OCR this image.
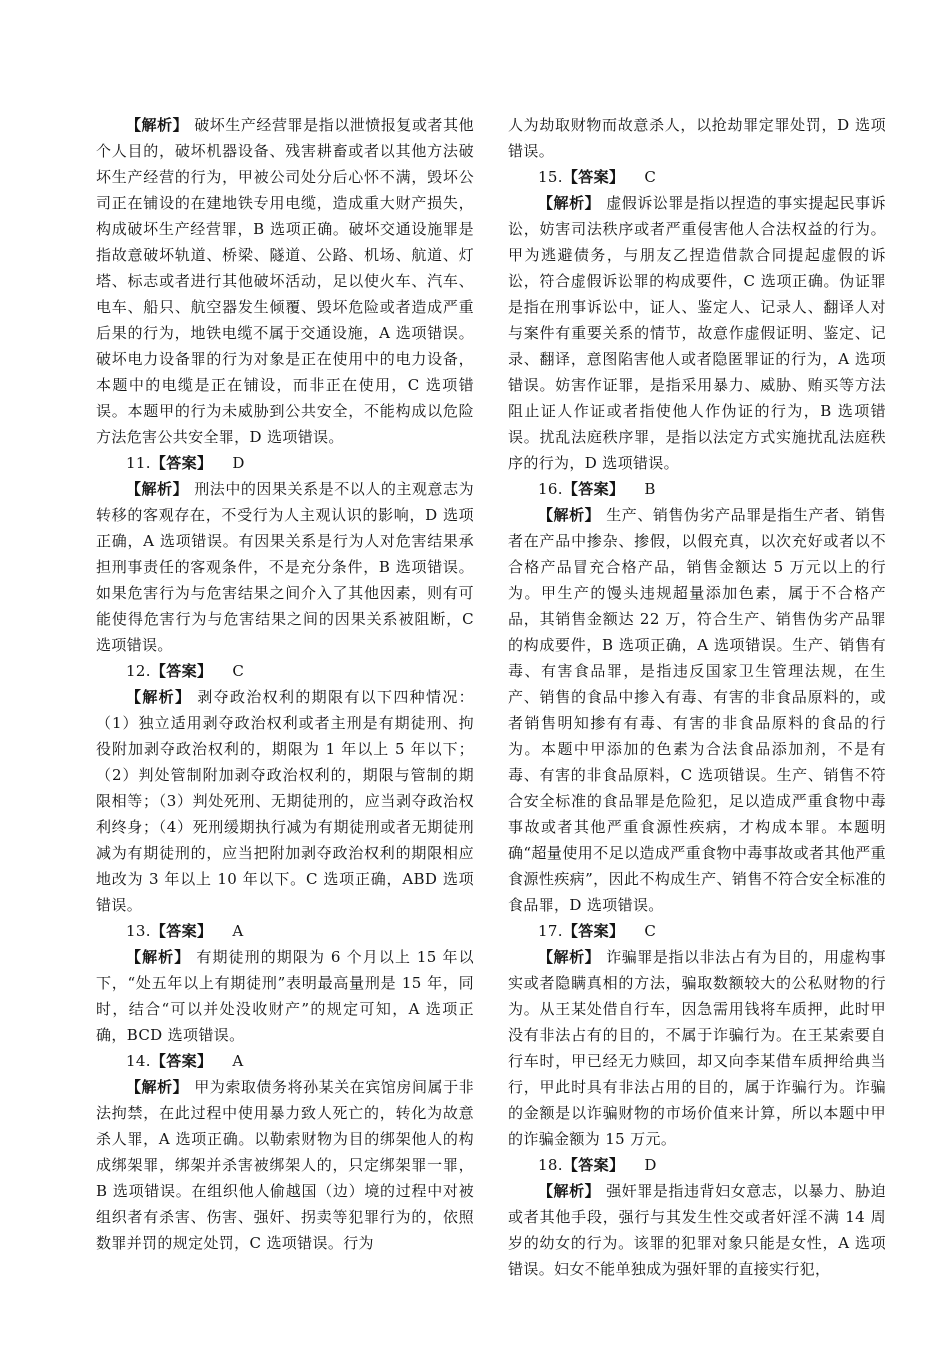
【解析】 破坏生产经营罪是指以泄愤报复或者其他个人目的，破坏机器设备、残害耕畜或者以其他方法破坏生产经营的行为，甲被公司处分后心怀不满，毁坏公司正在铺设的在建地铁专用电缆，造成重大财产损失，构成破坏生产经营罪，B 选项正确。破坏交通设施罪是指故意破坏轨道、桥梁、隧道、公路、机场、航道、灯塔、标志或者进行其他破坏活动，足以使火车、汽车、电车、船只、航空器发生倾覆、毁坏危险或者造成严重后果的行为，地铁电缆不属于交通设施，A 选项错误。破坏电力设备罪的行为对象是正在使用中的电力设备，本题中的电缆是正在铺设，而非正在使用，C 选项错误。本题甲的行为未威胁到公共安全，不能构成以危险方法危害公共安全罪，D 选项错误。

11.【答案】 D

【解析】 刑法中的因果关系是不以人的主观意志为转移的客观存在，不受行为人主观认识的影响，D 选项正确，A 选项错误。有因果关系是行为人对危害结果承担刑事责任的客观条件，不是充分条件，B 选项错误。如果危害行为与危害结果之间介入了其他因素，则有可能使得危害行为与危害结果之间的因果关系被阻断，C 选项错误。

12.【答案】 C

【解析】 剥夺政治权利的期限有以下四种情况：（1）独立适用剥夺政治权利或者主刑是有期徒刑、拘役附加剥夺政治权利的，期限为 1 年以上 5 年以下；（2）判处管制附加剥夺政治权利的，期限与管制的期限相等；（3）判处死刑、无期徒刑的，应当剥夺政治权利终身；（4）死刑缓期执行减为有期徒刑或者无期徒刑减为有期徒刑的，应当把附加剥夺政治权利的期限相应地改为 3 年以上 10 年以下。C 选项正确，ABD 选项错误。

13.【答案】 A

【解析】 有期徒刑的期限为 6 个月以上 15 年以下，“处五年以上有期徒刑”表明最高量刑是 15 年，同时，结合“可以并处没收财产”的规定可知，A 选项正确，BCD 选项错误。

14.【答案】 A

【解析】 甲为索取债务将孙某关在宾馆房间属于非法拘禁，在此过程中使用暴力致人死亡的，转化为故意杀人罪，A 选项正确。以勒索财物为目的绑架他人的构成绑架罪，绑架并杀害被绑架人的，只定绑架罪一罪，B 选项错误。在组织他人偷越国（边）境的过程中对被组织者有杀害、伤害、强奸、拐卖等犯罪行为的，依照数罪并罚的规定处罚，C 选项错误。行为

人为劫取财物而故意杀人，以抢劫罪定罪处罚，D 选项错误。

15.【答案】 C

【解析】 虚假诉讼罪是指以捏造的事实提起民事诉讼，妨害司法秩序或者严重侵害他人合法权益的行为。甲为逃避债务，与朋友乙捏造借款合同提起虚假的诉讼，符合虚假诉讼罪的构成要件，C 选项正确。伪证罪是指在刑事诉讼中，证人、鉴定人、记录人、翻译人对与案件有重要关系的情节，故意作虚假证明、鉴定、记录、翻译，意图陷害他人或者隐匿罪证的行为，A 选项错误。妨害作证罪，是指采用暴力、威胁、贿买等方法阻止证人作证或者指使他人作伪证的行为，B 选项错误。扰乱法庭秩序罪，是指以法定方式实施扰乱法庭秩序的行为，D 选项错误。

16.【答案】 B

【解析】 生产、销售伪劣产品罪是指生产者、销售者在产品中掺杂、掺假，以假充真，以次充好或者以不合格产品冒充合格产品，销售金额达 5 万元以上的行为。甲生产的馒头违规超量添加色素，属于不合格产品，其销售金额达 22 万，符合生产、销售伪劣产品罪的构成要件，B 选项正确，A 选项错误。生产、销售有毒、有害食品罪，是指违反国家卫生管理法规，在生产、销售的食品中掺入有毒、有害的非食品原料的，或者销售明知掺有有毒、有害的非食品原料的食品的行为。本题中甲添加的色素为合法食品添加剂，不是有毒、有害的非食品原料，C 选项错误。生产、销售不符合安全标准的食品罪是危险犯，足以造成严重食物中毒事故或者其他严重食源性疾病，才构成本罪。本题明确“超量使用不足以造成严重食物中毒事故或者其他严重食源性疾病”，因此不构成生产、销售不符合安全标准的食品罪，D 选项错误。

17.【答案】 C

【解析】 诈骗罪是指以非法占有为目的，用虚构事实或者隐瞒真相的方法，骗取数额较大的公私财物的行为。从王某处借自行车，因急需用钱将车质押，此时甲没有非法占有的目的，不属于诈骗行为。在王某索要自行车时，甲已经无力赎回，却又向李某借车质押给典当行，甲此时具有非法占用的目的，属于诈骗行为。诈骗的金额是以诈骗财物的市场价值来计算，所以本题中甲的诈骗金额为 15 万元。

18.【答案】 D

【解析】 强奸罪是指违背妇女意志，以暴力、胁迫或者其他手段，强行与其发生性交或者奸淫不满 14 周岁的幼女的行为。该罪的犯罪对象只能是女性，A 选项错误。妇女不能单独成为强奸罪的直接实行犯，
